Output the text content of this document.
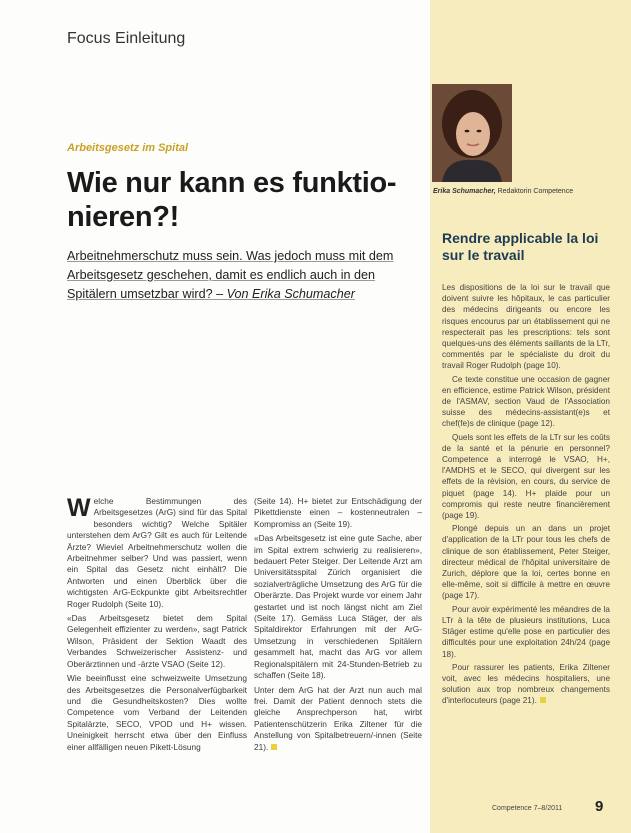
Focus Einleitung
Arbeitsgesetz im Spital
Wie nur kann es funktio-nieren?!
Arbeitnehmerschutz muss sein. Was jedoch muss mit dem Arbeitsgesetz geschehen, damit es endlich auch in den Spitälern umsetzbar wird? – Von Erika Schumacher

Welche Bestimmungen des Arbeitsgesetzes (ArG) sind für das Spital besonders wichtig? Welche Spitäler unterstehen dem ArG? Gilt es auch für Leitende Ärzte? Wieviel Arbeitnehmerschutz wollen die Arbeitnehmer selber? Und was passiert, wenn ein Spital das Gesetz nicht einhält? Die Antworten und einen Überblick über die wichtigsten ArG-Eckpunkte gibt Arbeitsrechtler Roger Rudolph (Seite 10).

«Das Arbeitsgesetz bietet dem Spital Gelegenheit effizienter zu werden», sagt Patrick Wilson, Präsident der Sektion Waadt des Verbandes Schweizerischer Assistenz- und Oberärztinnen und -ärzte VSAO (Seite 12).

Wie beeinflusst eine schweizweite Umsetzung des Arbeitsgesetzes die Personalverfügbarkeit und die Gesundheitskosten? Dies wollte Competence vom Verband der Leitenden Spitalärzte, SECO, VPOD und H+ wissen. Uneinigkeit herrscht etwa über den Einfluss einer allfälligen neuen Pikett-Lösung

(Seite 14). H+ bietet zur Entschädigung der Pikettdienste einen – kostenneutralen – Kompromiss an (Seite 19).

«Das Arbeitsgesetz ist eine gute Sache, aber im Spital extrem schwierig zu realisieren», bedauert Peter Steiger. Der Leitende Arzt am Universitätsspital Zürich organisiert die sozialverträgliche Umsetzung des ArG für die Oberärzte. Das Projekt wurde vor einem Jahr gestartet und ist noch längst nicht am Ziel (Seite 17). Gemäss Luca Stäger, der als Spitaldirektor Erfahrungen mit der ArG-Umsetzung in verschiedenen Spitälern gesammelt hat, macht das ArG vor allem Regionalspitälern mit 24-Stunden-Betrieb zu schaffen (Seite 18).

Unter dem ArG hat der Arzt nun auch mal frei. Damit der Patient dennoch stets die gleiche Ansprechperson hat, wirbt Patientenschützerin Erika Ziltener für die Anstellung von Spitalbetreuern/-innen (Seite 21).

Erika Schumacher, Redaktorin Competence
Rendre applicable la loi sur le travail

Les dispositions de la loi sur le travail que doivent suivre les hôpitaux, le cas particulier des médecins dirigeants ou encore les risques encourus par un établissement qui ne respecterait pas les prescriptions: tels sont quelques-uns des éléments saillants de la LTr, commentés par le spécialiste du droit du travail Roger Rudolph (page 10).

Ce texte constitue une occasion de gagner en efficience, estime Patrick Wilson, président de l'ASMAV, section Vaud de l'Association suisse des médecins-assistant(e)s et chef(fe)s de clinique (page 12).

Quels sont les effets de la LTr sur les coûts de la santé et la pénurie en personnel? Competence a interrogé le VSAO, H+, l'AMDHS et le SECO, qui divergent sur les effets de la révision, en cours, du service de piquet (page 14). H+ plaide pour un compromis qui reste neutre financièrement (page 19).

Plongé depuis un an dans un projet d'application de la LTr pour tous les chefs de clinique de son établissement, Peter Steiger, directeur médical de l'hôpital universitaire de Zurich, déplore que la loi, certes bonne en elle-même, soit si difficile à mettre en œuvre (page 17).

Pour avoir expérimenté les méandres de la LTr à la tête de plusieurs institutions, Luca Stäger estime qu'elle pose en particulier des difficultés pour une exploitation 24h/24 (page 18).

Pour rassurer les patients, Erika Ziltener voit, avec les médecins hospitaliers, une solution aux trop nombreux changements d'interlocuteurs (page 21).

Competence 7–8/2011 9
